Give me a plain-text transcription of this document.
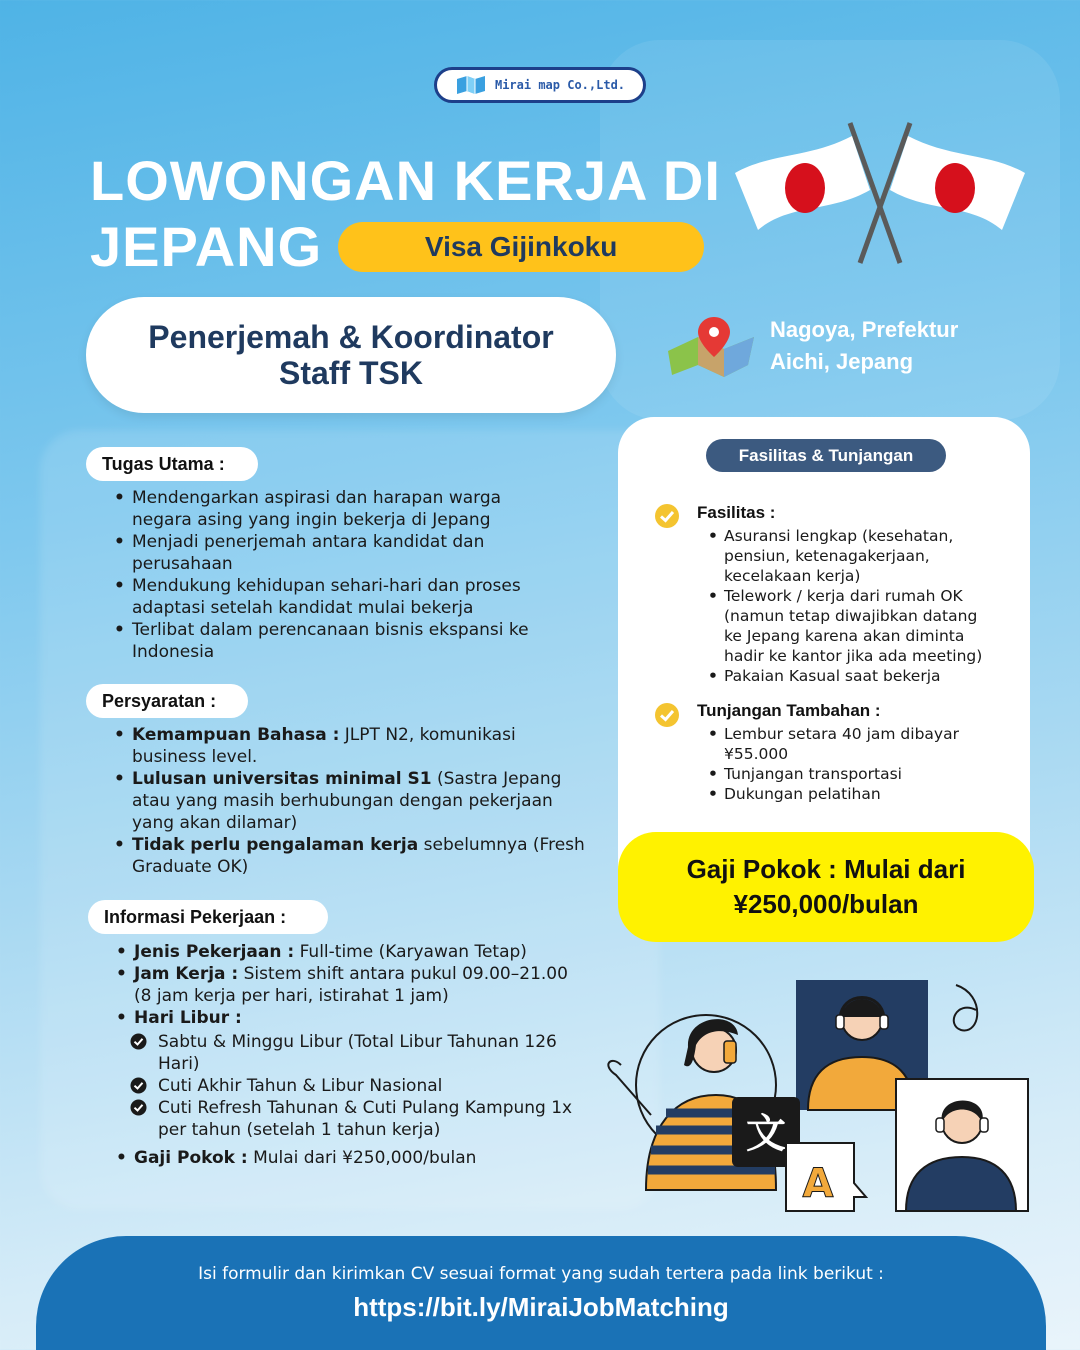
Mirai map Co.,Ltd.
LOWONGAN KERJA DI
JEPANG	Visa Gijinkoku
Penerjemah & Koordinator
Staff TSK
Nagoya, Prefektur
Aichi, Jepang
Tugas Utama :
• Mendengarkan aspirasi dan harapan warga
negara asing yang ingin bekerja di Jepang
• Menjadi penerjemah antara kandidat dan
perusahaan
• Mendukung kehidupan sehari-hari dan proses
adaptasi setelah kandidat mulai bekerja
• Terlibat dalam perencanaan bisnis ekspansi ke
Indonesia
Persyaratan :
• Kemampuan Bahasa : JLPT N2, komunikasi
business level.
• Lulusan universitas minimal S1 (Sastra Jepang
atau yang masih berhubungan dengan pekerjaan
yang akan dilamar)
• Tidak perlu pengalaman kerja sebelumnya (Fresh
Graduate OK)
Informasi Pekerjaan :
• Jenis Pekerjaan : Full-time (Karyawan Tetap)
• Jam Kerja : Sistem shift antara pukul 09.00–21.00
(8 jam kerja per hari, istirahat 1 jam)
• Hari Libur :
Sabtu & Minggu Libur (Total Libur Tahunan 126
Hari)
Cuti Akhir Tahun & Libur Nasional
Cuti Refresh Tahunan & Cuti Pulang Kampung 1x
per tahun (setelah 1 tahun kerja)
• Gaji Pokok : Mulai dari ¥250,000/bulan
Fasilitas & Tunjangan
Fasilitas :
• Asuransi lengkap (kesehatan,
pensiun, ketenagakerjaan,
kecelakaan kerja)
• Telework / kerja dari rumah OK
(namun tetap diwajibkan datang
ke Jepang karena akan diminta
hadir ke kantor jika ada meeting)
• Pakaian Kasual saat bekerja
Tunjangan Tambahan :
• Lembur setara 40 jam dibayar
¥55.000
• Tunjangan transportasi
• Dukungan pelatihan
Gaji Pokok : Mulai dari
¥250,000/bulan
文
A
Isi formulir dan kirimkan CV sesuai format yang sudah tertera pada link berikut :
https://bit.ly/MiraiJobMatching
